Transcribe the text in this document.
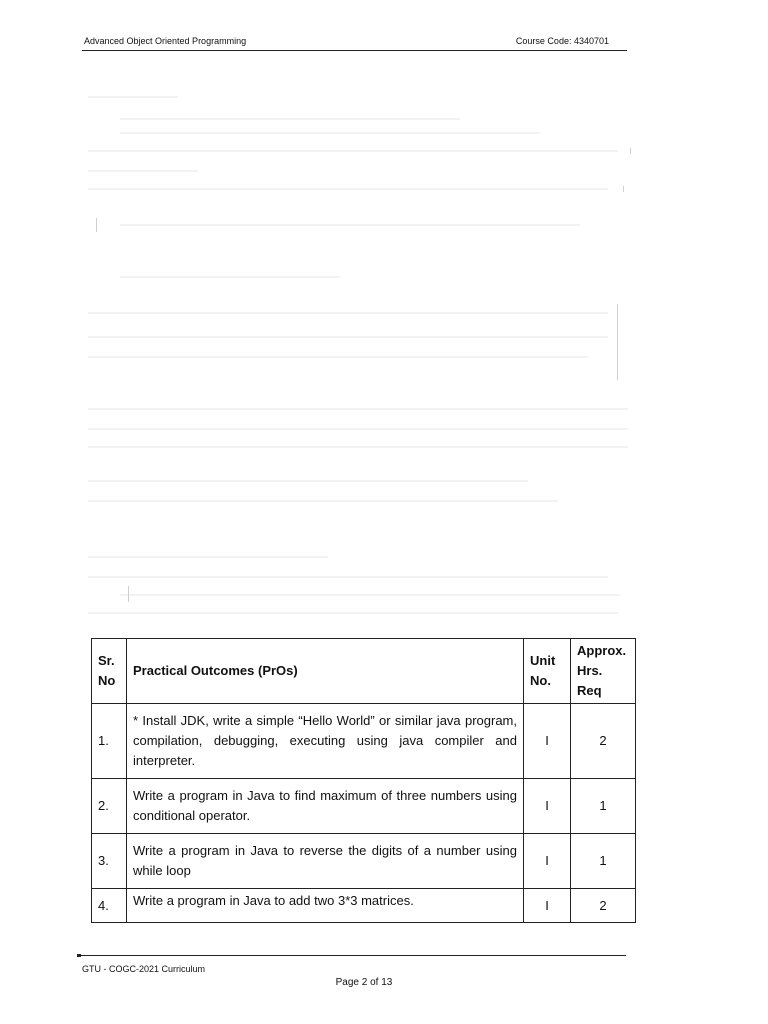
Advanced Object Oriented Programming	Course Code: 4340701
Sr. No	Practical Outcomes (PrOs)	Unit No.	Approx. Hrs. Req
1.	* Install JDK, write a simple “Hello World” or similar java program, compilation, debugging, executing using java compiler and interpreter.	I	2
2.	Write a program in Java to find maximum of three numbers using conditional operator.	I	1
3.	Write a program in Java to reverse the digits of a number using while loop	I	1
4.	Write a program in Java to add two 3*3 matrices.	I	2
GTU - COGC-2021 Curriculum
Page 2 of 13
